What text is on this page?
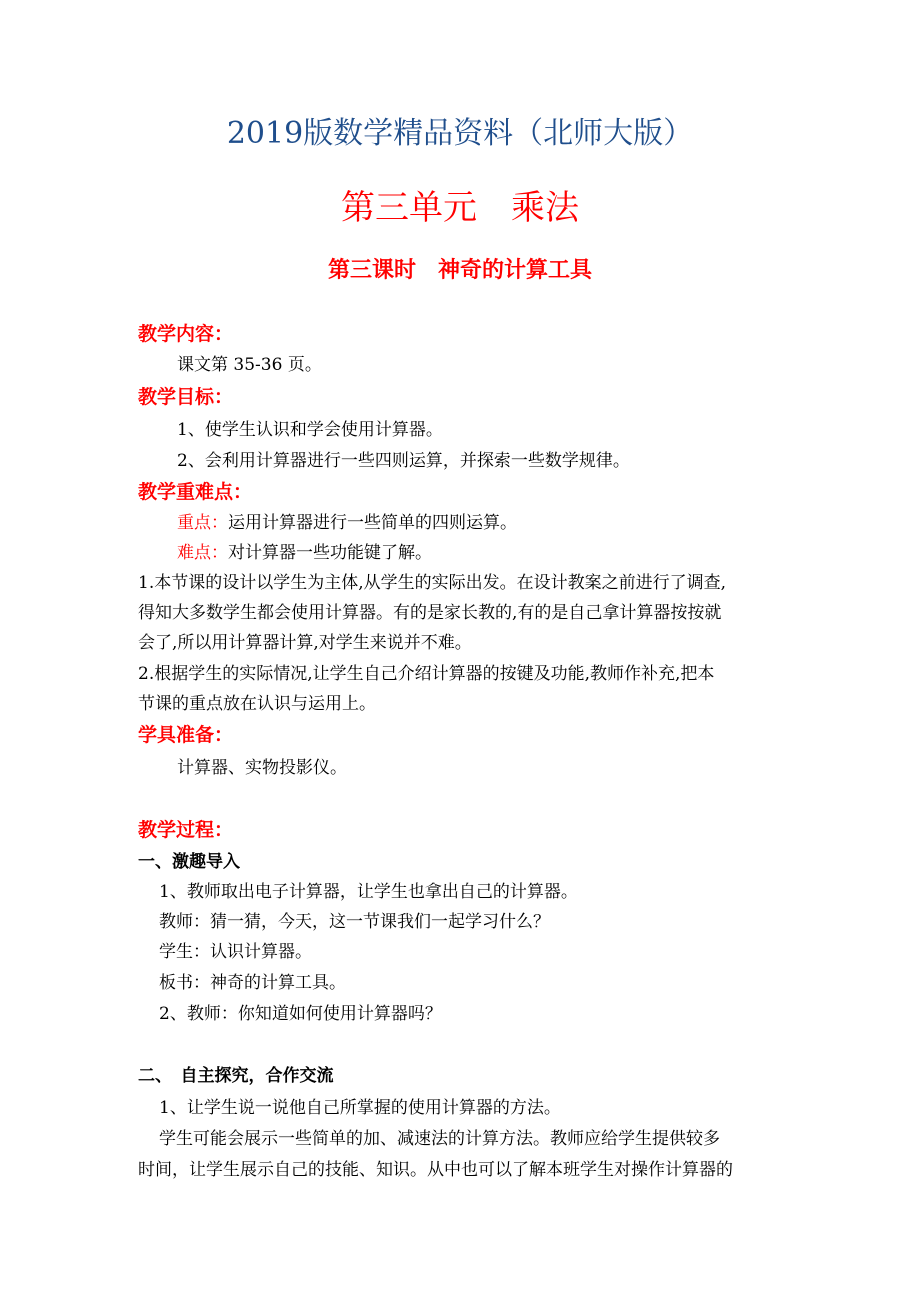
2019版数学精品资料（北师大版）
第三单元　乘法
第三课时　神奇的计算工具
教学内容：
课文第 35-36 页。
教学目标：
1、使学生认识和学会使用计算器。
2、会利用计算器进行一些四则运算，并探索一些数学规律。
教学重难点：
重点：运用计算器进行一些简单的四则运算。
难点：对计算器一些功能键了解。
1.本节课的设计以学生为主体,从学生的实际出发。在设计教案之前进行了调查,
得知大多数学生都会使用计算器。有的是家长教的,有的是自己拿计算器按按就
会了,所以用计算器计算,对学生来说并不难。
2.根据学生的实际情况,让学生自己介绍计算器的按键及功能,教师作补充,把本
节课的重点放在认识与运用上。
学具准备：
计算器、实物投影仪。
教学过程：
一、激趣导入
1、教师取出电子计算器，让学生也拿出自己的计算器。
教师：猜一猜，今天，这一节课我们一起学习什么？
学生：认识计算器。
板书：神奇的计算工具。
2、教师：你知道如何使用计算器吗？
二、　自主探究，合作交流
1、让学生说一说他自己所掌握的使用计算器的方法。
学生可能会展示一些简单的加、减速法的计算方法。教师应给学生提供较多
时间，让学生展示自己的技能、知识。从中也可以了解本班学生对操作计算器的
